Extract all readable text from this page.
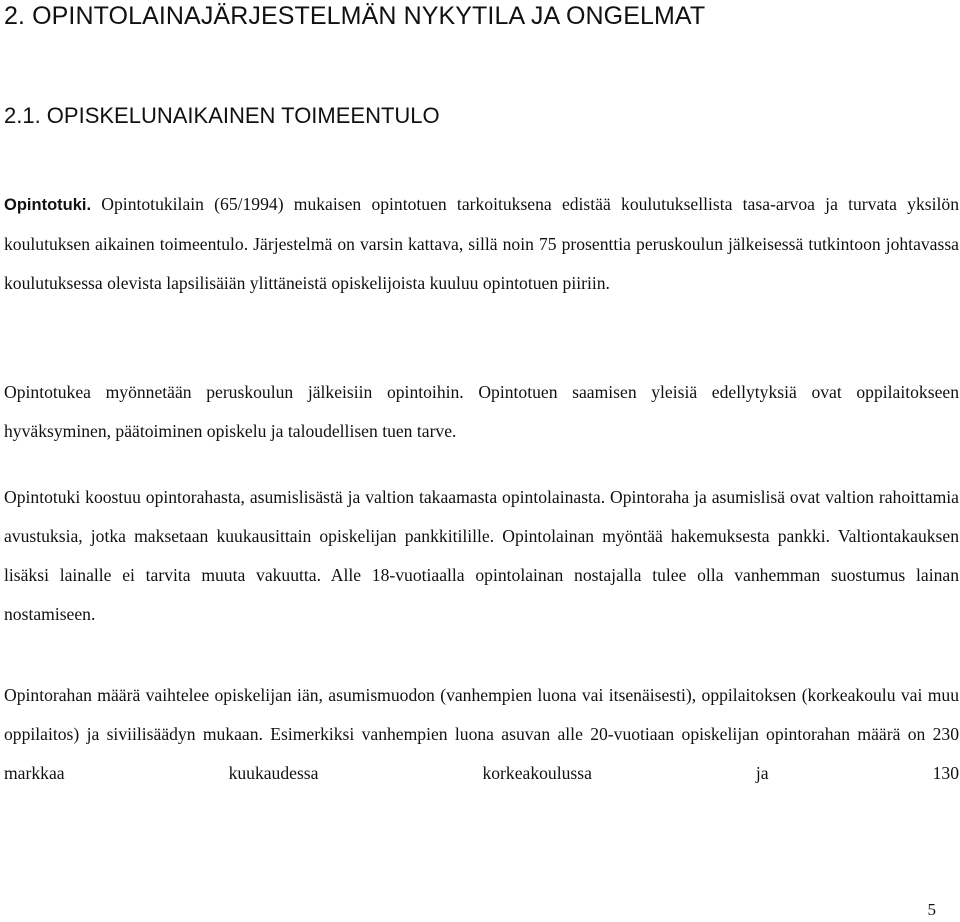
2. OPINTOLAINAJÄRJESTELMÄN NYKYTILA JA ONGELMAT
2.1. OPISKELUNAIKAINEN TOIMEENTULO

Opintotuki. Opintotukilain (65/1994) mukaisen opintotuen tarkoituksena edistää koulutuksellista tasa-arvoa ja turvata yksilön koulutuksen aikainen toimeentulo. Järjestelmä on varsin kattava, sillä noin 75 prosenttia peruskoulun jälkeisessä tutkintoon johtavassa koulutuksessa olevista lapsilisäiän ylittäneistä opiskelijoista kuuluu opintotuen piiriin.

Opintotukea myönnetään peruskoulun jälkeisiin opintoihin. Opintotuen saamisen yleisiä edellytyksiä ovat oppilaitokseen hyväksyminen, päätoiminen opiskelu ja taloudellisen tuen tarve.

Opintotuki koostuu opintorahasta, asumislisästä ja valtion takaamasta opintolainasta. Opintoraha ja asumislisä ovat valtion rahoittamia avustuksia, jotka maksetaan kuukausittain opiskelijan pankkitilille. Opintolainan myöntää hakemuksesta pankki. Valtiontakauksen lisäksi lainalle ei tarvita muuta vakuutta. Alle 18-vuotiaalla opintolainan nostajalla tulee olla vanhemman suostumus lainan nostamiseen.

Opintorahan määrä vaihtelee opiskelijan iän, asumismuodon (vanhempien luona vai itsenäisesti), oppilaitoksen (korkeakoulu vai muu oppilaitos) ja siviilisäädyn mukaan. Esimerkiksi vanhempien luona asuvan alle 20-vuotiaan opiskelijan opintorahan määrä on 230 markkaa kuukaudessa korkeakoulussa ja 130

5
